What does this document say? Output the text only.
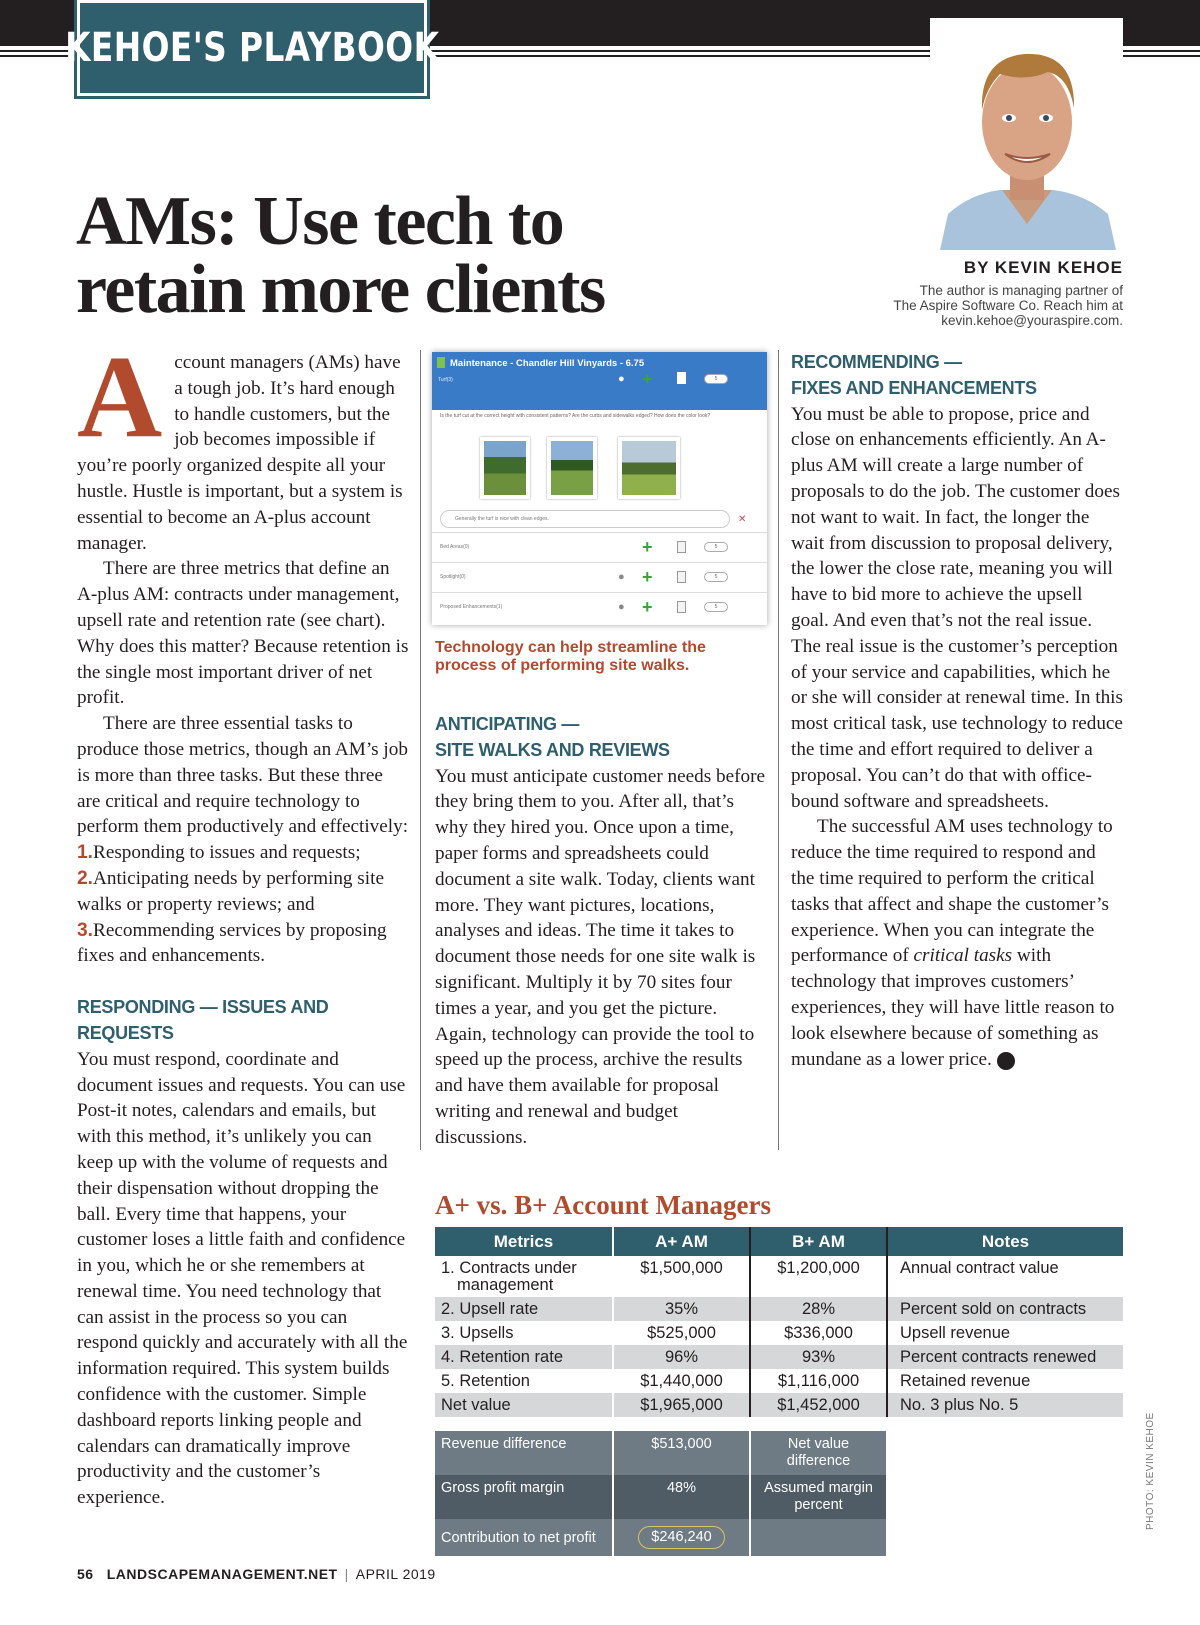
KEHOE'S PLAYBOOK
BY KEVIN KEHOE
The author is managing partner of
The Aspire Software Co. Reach him at
kevin.kehoe@youraspire.com.
AMs: Use tech to
retain more clients

Account managers (AMs) have a tough job. It’s hard enough to handle customers, but the job becomes impossible if you’re poorly organized despite all your hustle. Hustle is important, but a system is essential to become an A-plus account manager.

There are three metrics that define an A-plus AM: contracts under management, upsell rate and retention rate (see chart). Why does this matter? Because retention is the single most important driver of net profit.

There are three essential tasks to produce those metrics, though an AM’s job is more than three tasks. But these three are critical and require technology to perform them productively and effectively:

1.Responding to issues and requests;

2.Anticipating needs by performing site walks or property reviews; and

3.Recommending services by proposing fixes and enhancements.

RESPONDING — ISSUES AND REQUESTS

You must respond, coordinate and document issues and requests. You can use Post-it notes, calendars and emails, but with this method, it’s unlikely you can keep up with the volume of requests and their dispensation without dropping the ball. Every time that happens, your customer loses a little faith and confidence in you, which he or she remembers at renewal time. You need technology that can assist in the process so you can respond quickly and accurately with all the information required. This system builds confidence with the customer. Simple dashboard reports linking people and calendars can dramatically improve productivity and the customer’s experience.

Maintenance - Chandler Hill Vinyards - 6.75
Turf(3)	● +	5
Is the turf cut at the correct height with consistent patterns? Are the curbs and sidewalks edged? How does the color look?
Generally the turf is nice with clean edges.	✕
Bed Areas(0)	+	5
Spotlight(0)	● +	5
Proposed Enhancements(1)	● +	5
Technology can help streamline the process of performing site walks.

ANTICIPATING —

SITE WALKS AND REVIEWS

You must anticipate customer needs before they bring them to you. After all, that’s why they hired you. Once upon a time, paper forms and spreadsheets could document a site walk. Today, clients want more. They want pictures, locations, analyses and ideas. The time it takes to document those needs for one site walk is significant. Multiply it by 70 sites four times a year, and you get the picture. Again, technology can provide the tool to speed up the process, archive the results and have them available for proposal writing and renewal and budget discussions.

RECOMMENDING —

FIXES AND ENHANCEMENTS

You must be able to propose, price and close on enhancements efficiently. An A-plus AM will create a large number of proposals to do the job. The customer does not want to wait. In fact, the longer the wait from discussion to proposal delivery, the lower the close rate, meaning you will have to bid more to achieve the upsell goal. And even that’s not the real issue. The real issue is the customer’s perception of your service and capabilities, which he or she will consider at renewal time. In this most critical task, use technology to reduce the time and effort required to deliver a proposal. You can’t do that with office-bound software and spreadsheets.

The successful AM uses technology to reduce the time required to respond and the time required to perform the critical tasks that affect and shape the customer’s experience. When you can integrate the performance of critical tasks with technology that improves customers’ experiences, they will have little reason to look elsewhere because of something as mundane as a lower price.	LM

A+ vs. B+ Account Managers
Metrics	A+ AM	B+ AM	Notes
1. Contracts under
management
$1,500,000	$1,200,000	Annual contract value
2. Upsell rate	35%	28%	Percent sold on contracts
3. Upsells	$525,000	$336,000	Upsell revenue
4. Retention rate	96%	93%	Percent contracts renewed
5. Retention	$1,440,000	$1,116,000	Retained revenue
Net value	$1,965,000	$1,452,000	No. 3 plus No. 5
Revenue difference	$513,000	Net value difference
Gross profit margin	48%	Assumed margin percent
Contribution to net profit	$246,240
PHOTO: KEVIN KEHOE
56 LANDSCAPEMANAGEMENT.NET | APRIL 2019
